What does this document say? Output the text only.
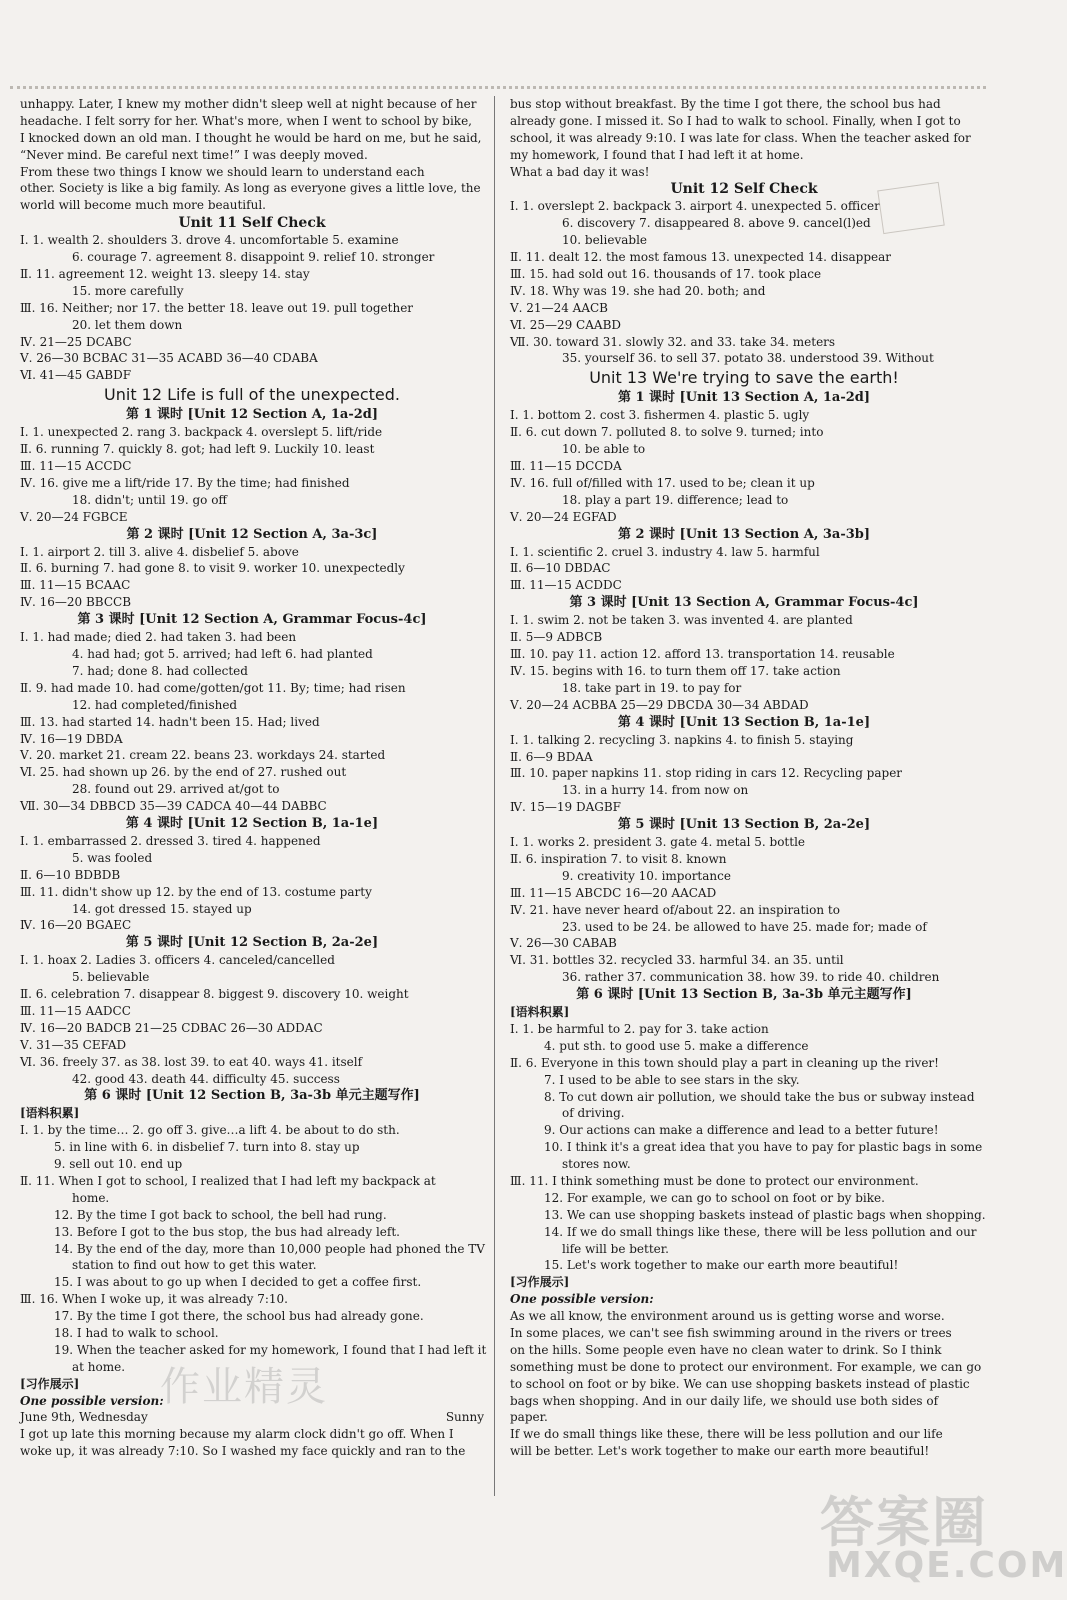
unhappy. Later, I knew my mother didn't sleep well at night because of her
headache. I felt sorry for her. What's more, when I went to school by bike,
I knocked down an old man. I thought he would be hard on me, but he said,
“Never mind. Be careful next time!” I was deeply moved.
From these two things I know we should learn to understand each
other. Society is like a big family. As long as everyone gives a little love, the
world will become much more beautiful.
Unit 11 Self Check
Ⅰ. 1. wealth 2. shoulders 3. drove 4. uncomfortable 5. examine
6. courage 7. agreement 8. disappoint 9. relief 10. stronger
Ⅱ. 11. agreement 12. weight 13. sleepy 14. stay
15. more carefully
Ⅲ. 16. Neither; nor 17. the better 18. leave out 19. pull together
20. let them down
Ⅳ. 21—25 DCABC
Ⅴ. 26—30 BCBAC 31—35 ACABD 36—40 CDABA
Ⅵ. 41—45 GABDF
Unit 12 Life is full of the unexpected.
第 1 课时 [Unit 12 Section A, 1a-2d]
Ⅰ. 1. unexpected 2. rang 3. backpack 4. overslept 5. lift/ride
Ⅱ. 6. running 7. quickly 8. got; had left 9. Luckily 10. least
Ⅲ. 11—15 ACCDC
Ⅳ. 16. give me a lift/ride 17. By the time; had finished
18. didn't; until 19. go off
Ⅴ. 20—24 FGBCE
第 2 课时 [Unit 12 Section A, 3a-3c]
Ⅰ. 1. airport 2. till 3. alive 4. disbelief 5. above
Ⅱ. 6. burning 7. had gone 8. to visit 9. worker 10. unexpectedly
Ⅲ. 11—15 BCAAC
Ⅳ. 16—20 BBCCB
第 3 课时 [Unit 12 Section A, Grammar Focus-4c]
Ⅰ. 1. had made; died 2. had taken 3. had been
4. had had; got 5. arrived; had left 6. had planted
7. had; done 8. had collected
Ⅱ. 9. had made 10. had come/gotten/got 11. By; time; had risen
12. had completed/finished
Ⅲ. 13. had started 14. hadn't been 15. Had; lived
Ⅳ. 16—19 DBDA
Ⅴ. 20. market 21. cream 22. beans 23. workdays 24. started
Ⅵ. 25. had shown up 26. by the end of 27. rushed out
28. found out 29. arrived at/got to
Ⅶ. 30—34 DBBCD 35—39 CADCA 40—44 DABBC
第 4 课时 [Unit 12 Section B, 1a-1e]
Ⅰ. 1. embarrassed 2. dressed 3. tired 4. happened
5. was fooled
Ⅱ. 6—10 BDBDB
Ⅲ. 11. didn't show up 12. by the end of 13. costume party
14. got dressed 15. stayed up
Ⅳ. 16—20 BGAEC
第 5 课时 [Unit 12 Section B, 2a-2e]
Ⅰ. 1. hoax 2. Ladies 3. officers 4. canceled/cancelled
5. believable
Ⅱ. 6. celebration 7. disappear 8. biggest 9. discovery 10. weight
Ⅲ. 11—15 AADCC
Ⅳ. 16—20 BADCB 21—25 CDBAC 26—30 ADDAC
Ⅴ. 31—35 CEFAD
Ⅵ. 36. freely 37. as 38. lost 39. to eat 40. ways 41. itself
42. good 43. death 44. difficulty 45. success
第 6 课时 [Unit 12 Section B, 3a-3b 单元主题写作]
[语料积累]
Ⅰ. 1. by the time… 2. go off 3. give…a lift 4. be about to do sth.
5. in line with 6. in disbelief 7. turn into 8. stay up
9. sell out 10. end up
Ⅱ. 11. When I got to school, I realized that I had left my backpack at
home.
12. By the time I got back to school, the bell had rung.
13. Before I got to the bus stop, the bus had already left.
14. By the end of the day, more than 10,000 people had phoned the TV
station to find out how to get this water.
15. I was about to go up when I decided to get a coffee first.
Ⅲ. 16. When I woke up, it was already 7:10.
17. By the time I got there, the school bus had already gone.
18. I had to walk to school.
19. When the teacher asked for my homework, I found that I had left it
at home.
[习作展示]
One possible version:
June 9th, Wednesday	Sunny
I got up late this morning because my alarm clock didn't go off. When I
woke up, it was already 7:10. So I washed my face quickly and ran to the
bus stop without breakfast. By the time I got there, the school bus had
already gone. I missed it. So I had to walk to school. Finally, when I got to
school, it was already 9:10. I was late for class. When the teacher asked for
my homework, I found that I had left it at home.
What a bad day it was!
Unit 12 Self Check
Ⅰ. 1. overslept 2. backpack 3. airport 4. unexpected 5. officer
6. discovery 7. disappeared 8. above 9. cancel(l)ed
10. believable
Ⅱ. 11. dealt 12. the most famous 13. unexpected 14. disappear
Ⅲ. 15. had sold out 16. thousands of 17. took place
Ⅳ. 18. Why was 19. she had 20. both; and
Ⅴ. 21—24 AACB
Ⅵ. 25—29 CAABD
Ⅶ. 30. toward 31. slowly 32. and 33. take 34. meters
35. yourself 36. to sell 37. potato 38. understood 39. Without
Unit 13 We're trying to save the earth!
第 1 课时 [Unit 13 Section A, 1a-2d]
Ⅰ. 1. bottom 2. cost 3. fishermen 4. plastic 5. ugly
Ⅱ. 6. cut down 7. polluted 8. to solve 9. turned; into
10. be able to
Ⅲ. 11—15 DCCDA
Ⅳ. 16. full of/filled with 17. used to be; clean it up
18. play a part 19. difference; lead to
Ⅴ. 20—24 EGFAD
第 2 课时 [Unit 13 Section A, 3a-3b]
Ⅰ. 1. scientific 2. cruel 3. industry 4. law 5. harmful
Ⅱ. 6—10 DBDAC
Ⅲ. 11—15 ACDDC
第 3 课时 [Unit 13 Section A, Grammar Focus-4c]
Ⅰ. 1. swim 2. not be taken 3. was invented 4. are planted
Ⅱ. 5—9 ADBCB
Ⅲ. 10. pay 11. action 12. afford 13. transportation 14. reusable
Ⅳ. 15. begins with 16. to turn them off 17. take action
18. take part in 19. to pay for
Ⅴ. 20—24 ACBBA 25—29 DBCDA 30—34 ABDAD
第 4 课时 [Unit 13 Section B, 1a-1e]
Ⅰ. 1. talking 2. recycling 3. napkins 4. to finish 5. staying
Ⅱ. 6—9 BDAA
Ⅲ. 10. paper napkins 11. stop riding in cars 12. Recycling paper
13. in a hurry 14. from now on
Ⅳ. 15—19 DAGBF
第 5 课时 [Unit 13 Section B, 2a-2e]
Ⅰ. 1. works 2. president 3. gate 4. metal 5. bottle
Ⅱ. 6. inspiration 7. to visit 8. known
9. creativity 10. importance
Ⅲ. 11—15 ABCDC 16—20 AACAD
Ⅳ. 21. have never heard of/about 22. an inspiration to
23. used to be 24. be allowed to have 25. made for; made of
Ⅴ. 26—30 CABAB
Ⅵ. 31. bottles 32. recycled 33. harmful 34. an 35. until
36. rather 37. communication 38. how 39. to ride 40. children
第 6 课时 [Unit 13 Section B, 3a-3b 单元主题写作]
[语料积累]
Ⅰ. 1. be harmful to 2. pay for 3. take action
4. put sth. to good use 5. make a difference
Ⅱ. 6. Everyone in this town should play a part in cleaning up the river!
7. I used to be able to see stars in the sky.
8. To cut down air pollution, we should take the bus or subway instead
of driving.
9. Our actions can make a difference and lead to a better future!
10. I think it's a great idea that you have to pay for plastic bags in some
stores now.
Ⅲ. 11. I think something must be done to protect our environment.
12. For example, we can go to school on foot or by bike.
13. We can use shopping baskets instead of plastic bags when shopping.
14. If we do small things like these, there will be less pollution and our
life will be better.
15. Let's work together to make our earth more beautiful!
[习作展示]
One possible version:
As we all know, the environment around us is getting worse and worse.
In some places, we can't see fish swimming around in the rivers or trees
on the hills. Some people even have no clean water to drink. So I think
something must be done to protect our environment. For example, we can go
to school on foot or by bike. We can use shopping baskets instead of plastic
bags when shopping. And in our daily life, we should use both sides of
paper.
If we do small things like these, there will be less pollution and our life
will be better. Let's work together to make our earth more beautiful!

作业精灵
答案圈
MXQE.COM
